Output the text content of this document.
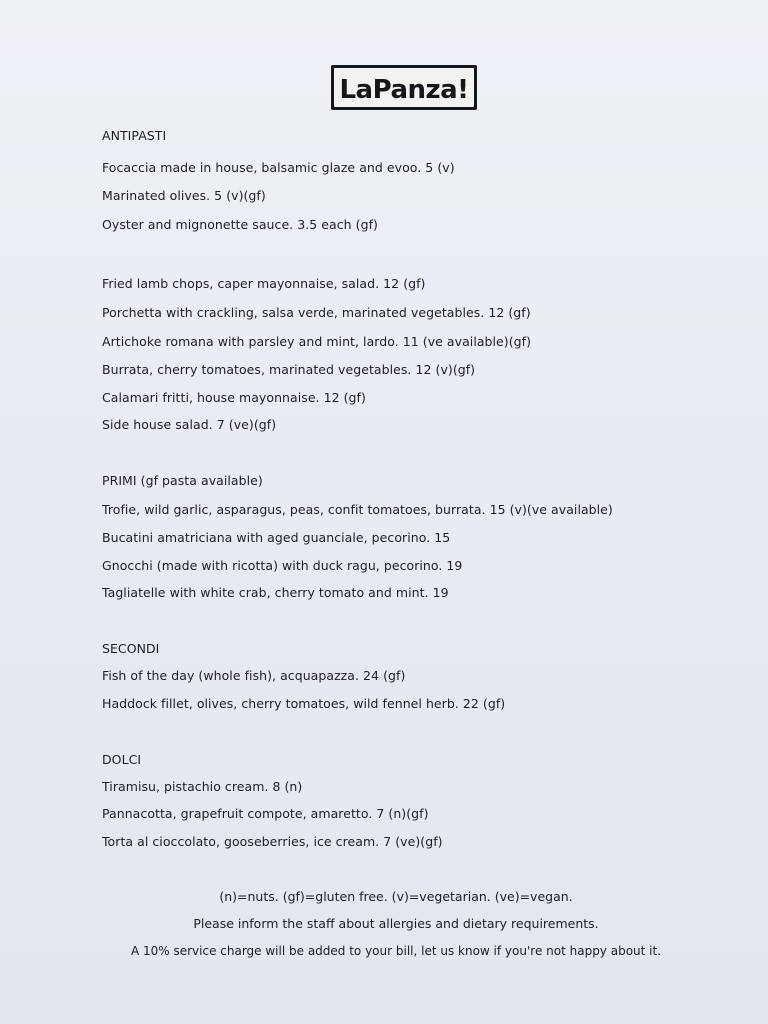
LaPanza!
ANTIPASTI
Focaccia made in house, balsamic glaze and evoo. 5 (v)
Marinated olives. 5 (v)(gf)
Oyster and mignonette sauce. 3.5 each (gf)
Fried lamb chops, caper mayonnaise, salad. 12 (gf)
Porchetta with crackling, salsa verde, marinated vegetables. 12 (gf)
Artichoke romana with parsley and mint, lardo. 11 (ve available)(gf)
Burrata, cherry tomatoes, marinated vegetables. 12 (v)(gf)
Calamari fritti, house mayonnaise. 12 (gf)
Side house salad. 7 (ve)(gf)
PRIMI (gf pasta available)
Trofie, wild garlic, asparagus, peas, confit tomatoes, burrata. 15 (v)(ve available)
Bucatini amatriciana with aged guanciale, pecorino. 15
Gnocchi (made with ricotta) with duck ragu, pecorino. 19
Tagliatelle with white crab, cherry tomato and mint. 19
SECONDI
Fish of the day (whole fish), acquapazza. 24 (gf)
Haddock fillet, olives, cherry tomatoes, wild fennel herb. 22 (gf)
DOLCI
Tiramisu, pistachio cream. 8 (n)
Pannacotta, grapefruit compote, amaretto. 7 (n)(gf)
Torta al cioccolato, gooseberries, ice cream. 7 (ve)(gf)
(n)=nuts. (gf)=gluten free. (v)=vegetarian. (ve)=vegan.
Please inform the staff about allergies and dietary requirements.
A 10% service charge will be added to your bill, let us know if you're not happy about it.
